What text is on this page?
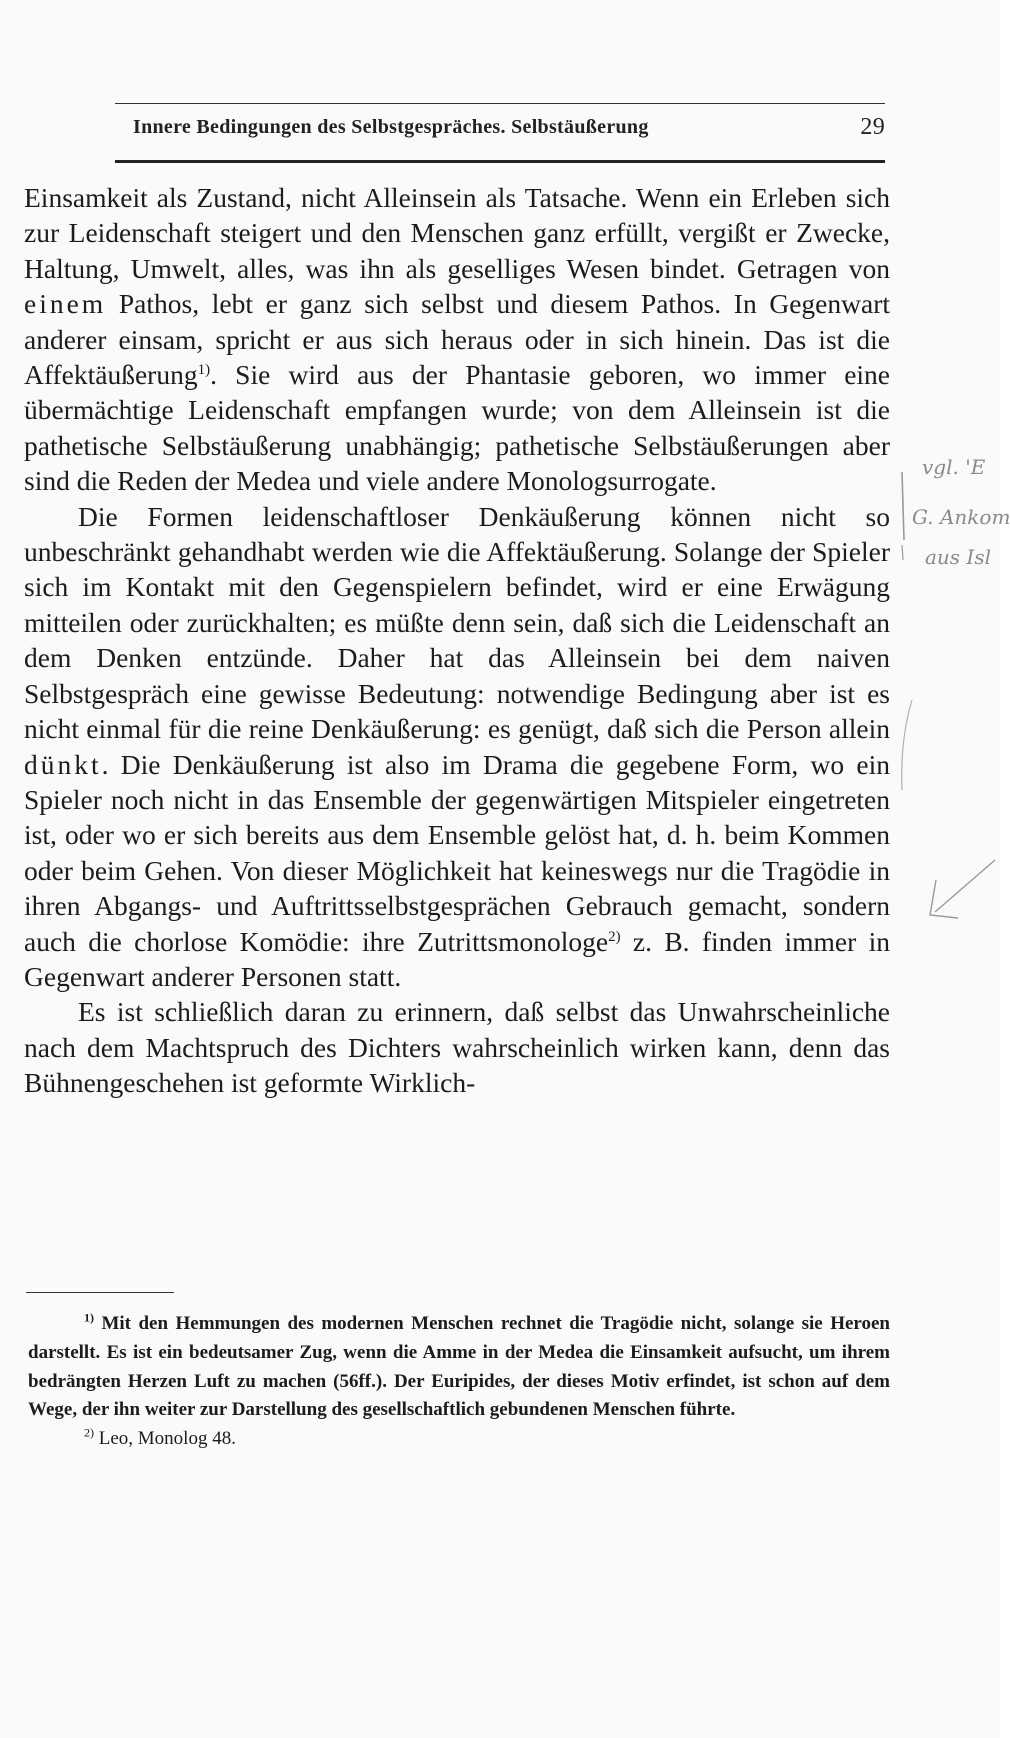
Innere Bedingungen des Selbstgespräches. Selbstäußerung	29

Einsamkeit als Zustand, nicht Alleinsein als Tatsache. Wenn ein Erleben sich zur Leidenschaft steigert und den Menschen ganz erfüllt, vergißt er Zwecke, Haltung, Umwelt, alles, was ihn als geselliges Wesen bindet. Getragen von einem Pathos, lebt er ganz sich selbst und diesem Pathos. In Gegenwart anderer einsam, spricht er aus sich heraus oder in sich hinein. Das ist die Affektäußerung$^{1)}$. Sie wird aus der Phantasie geboren, wo immer eine übermächtige Leidenschaft empfangen wurde; von dem Alleinsein ist die pathetische Selbstäußerung unabhängig; pathetische Selbstäußerungen aber sind die Reden der Medea und viele andere Monologsurrogate.

Die Formen leidenschaftloser Denkäußerung können nicht so unbeschränkt gehandhabt werden wie die Affektäußerung. Solange der Spieler sich im Kontakt mit den Gegenspielern befindet, wird er eine Erwägung mitteilen oder zurückhalten; es müßte denn sein, daß sich die Leidenschaft an dem Denken entzünde. Daher hat das Alleinsein bei dem naiven Selbstgespräch eine gewisse Bedeutung: notwendige Bedingung aber ist es nicht einmal für die reine Denkäußerung: es genügt, daß sich die Person allein dünkt. Die Denkäußerung ist also im Drama die gegebene Form, wo ein Spieler noch nicht in das Ensemble der gegenwärtigen Mitspieler eingetreten ist, oder wo er sich bereits aus dem Ensemble gelöst hat, d. h. beim Kommen oder beim Gehen. Von dieser Möglichkeit hat keineswegs nur die Tragödie in ihren Abgangs- und Auftrittsselbstgesprächen Gebrauch gemacht, sondern auch die chorlose Komödie: ihre Zutrittsmonologe$^{2)}$ z. B. finden immer in Gegenwart anderer Personen statt.

Es ist schließlich daran zu erinnern, daß selbst das Unwahrscheinliche nach dem Machtspruch des Dichters wahrscheinlich wirken kann, denn das Bühnengeschehen ist geformte Wirklich-

$^{1)}$ Mit den Hemmungen des modernen Menschen rechnet die Tragödie nicht, solange sie Heroen darstellt. Es ist ein bedeutsamer Zug, wenn die Amme in der Medea die Einsamkeit aufsucht, um ihrem bedrängten Herzen Luft zu machen (56ff.). Der Euripides, der dieses Motiv erfindet, ist schon auf dem Wege, der ihn weiter zur Darstellung des gesellschaftlich gebundenen Menschen führte.

$^{2)}$ Leo, Monolog 48.

vgl. 'E
G. Ankom
aus Isl
